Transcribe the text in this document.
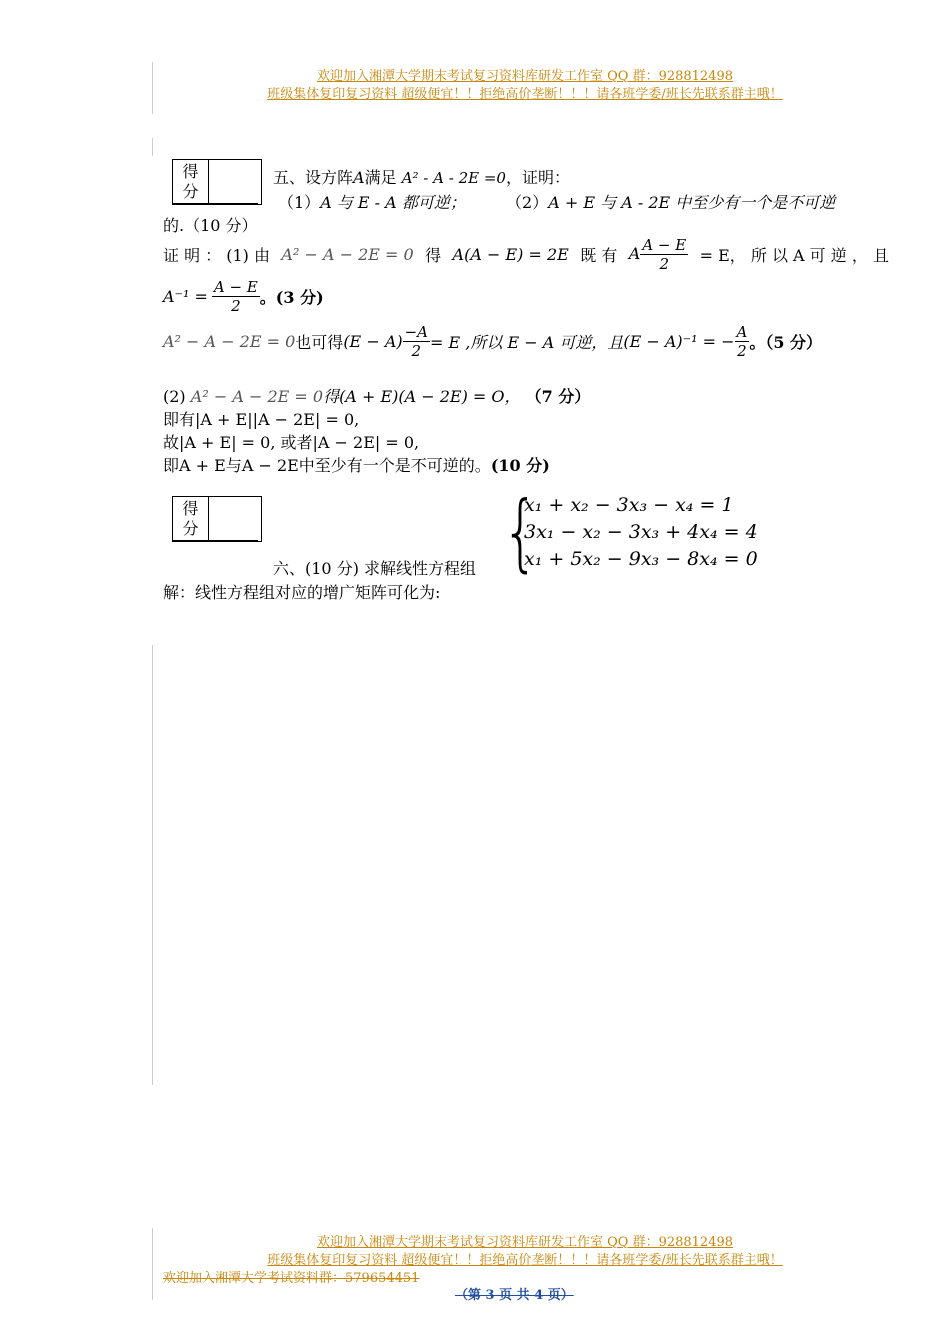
欢迎加入湘潭大学期末考试复习资料库研发工作室 QQ 群：928812498
班级集体复印复习资料 超级便宜！！拒绝高价垄断！！！请各班学委/班长先联系群主哦！
得
分	
五、设方阵A满足 A² - A - 2E =0，证明：
（1）A 与 E - A 都可逆；	（2）A + E 与 A - 2E 中至少有一个是不可逆
的.（10 分）
证 明 ： (1) 由 A² − A − 2E = 0 得 A(A − E) = 2E 既 有 A $\frac{A - E}{2} = E$， 所 以 A 可 逆 ， 且
$A^{-1} = \frac{A - E}{2}$ 。(3 分)
A² − A − 2E = 0 也可得 $(E - A) \frac{-A}{2} = E$ ,所以 E − A 可逆，且 (E − A)⁻¹ = − $\frac{A}{2}$ 。（5 分）
(2) A² − A − 2E = 0得(A + E)(A − 2E) = O， （7 分）
即有|A + E||A − 2E| = 0,
故|A + E| = 0, 或者|A − 2E| = 0,
即A + E与A − 2E中至少有一个是不可逆的。(10 分)
得
分		{
x₁ + x₂ − 3x₃ − x₄ = 1
3x₁ − x₂ − 3x₃ + 4x₄ = 4
x₁ + 5x₂ − 9x₃ − 8x₄ = 0
六、(10 分) 求解线性方程组
解：线性方程组对应的增广矩阵可化为:
欢迎加入湘潭大学期末考试复习资料库研发工作室 QQ 群：928812498
班级集体复印复习资料 超级便宜！！拒绝高价垄断！！！请各班学委/班长先联系群主哦！
欢迎加入湘潭大学考试资料群：579654451
（第 3 页 共 4 页）
